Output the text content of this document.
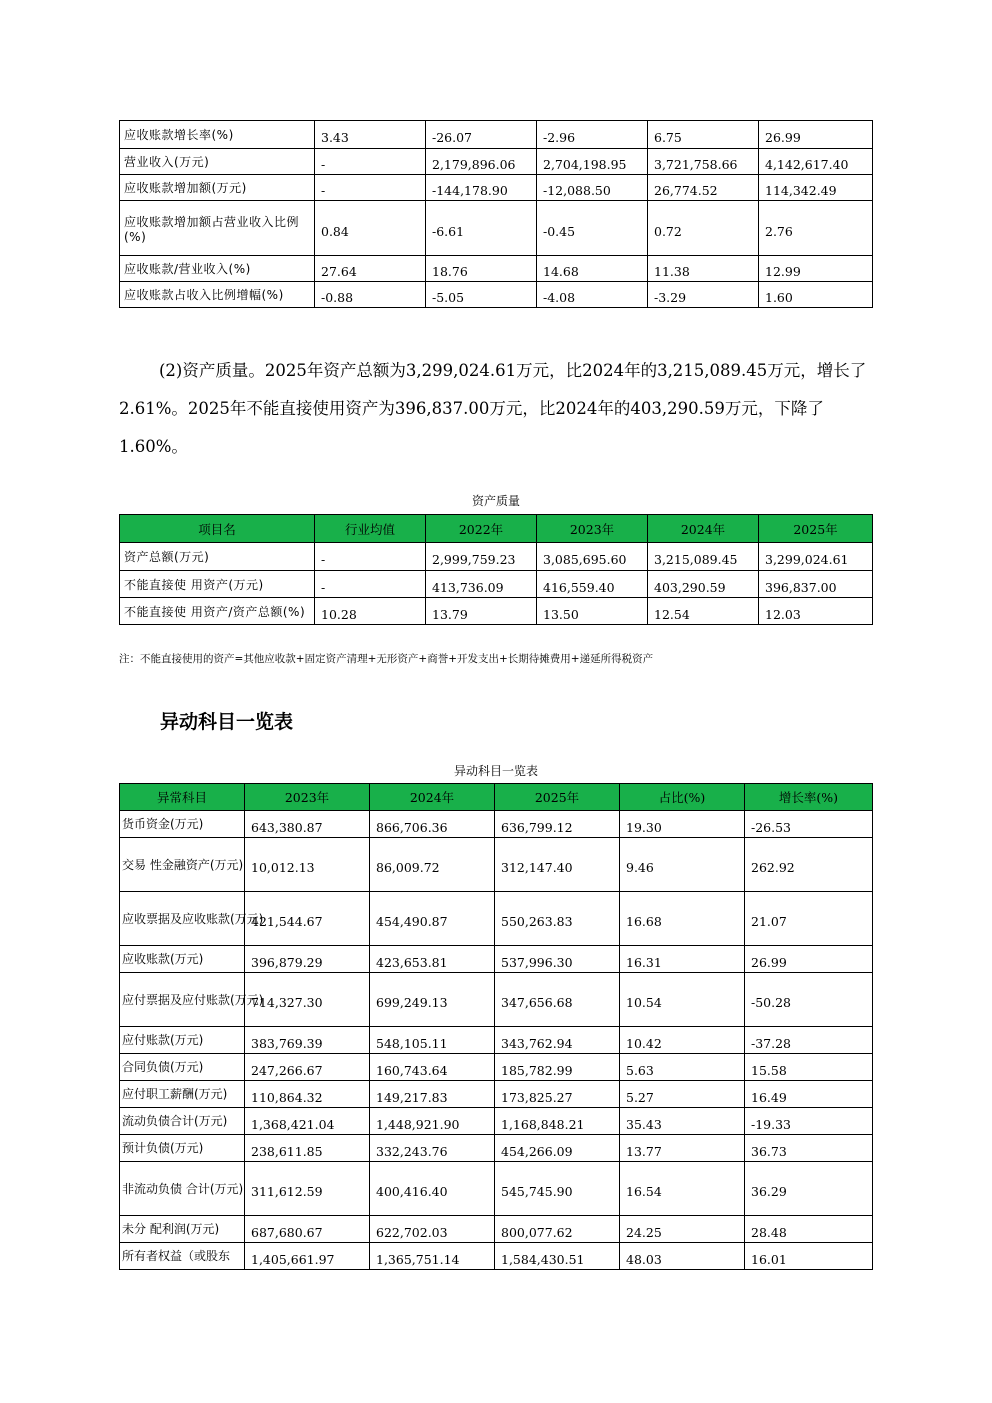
应收账款增长率(%)	3.43	-26.07	-2.96	6.75	26.99
营业收入(万元)	-	2,179,896.06	2,704,198.95	3,721,758.66	4,142,617.40
应收账款增加额(万元)	-	-144,178.90	-12,088.50	26,774.52	114,342.49
应收账款增加额占营业收入比例(%)	0.84	-6.61	-0.45	0.72	2.76
应收账款/营业收入(%)	27.64	18.76	14.68	11.38	12.99
应收账款占收入比例增幅(%)	-0.88	-5.05	-4.08	-3.29	1.60
(2)资产质量。2025年资产总额为3,299,024.61万元，比2024年的3,215,089.45万元，增长了2.61%。2025年不能直接使用资产为396,837.00万元，比2024年的403,290.59万元，下降了1.60%。
资产质量
项目名	行业均值	2022年	2023年	2024年	2025年
资产总额(万元)	-	2,999,759.23	3,085,695.60	3,215,089.45	3,299,024.61
不能直接使 用资产(万元)	-	413,736.09	416,559.40	403,290.59	396,837.00
不能直接使 用资产/资产总额(%)	10.28	13.79	13.50	12.54	12.03
注：不能直接使用的资产=其他应收款+固定资产清理+无形资产+商誉+开发支出+长期待摊费用+递延所得税资产
异动科目一览表
异动科目一览表
异常科目	2023年	2024年	2025年	占比(%)	增长率(%)
货币资金(万元)	643,380.87	866,706.36	636,799.12	19.30	-26.53
交易 性金融资产(万元)	10,012.13	86,009.72	312,147.40	9.46	262.92
应收票据及应收账款(万元)	421,544.67	454,490.87	550,263.83	16.68	21.07
应收账款(万元)	396,879.29	423,653.81	537,996.30	16.31	26.99
应付票据及应付账款(万元)	714,327.30	699,249.13	347,656.68	10.54	-50.28
应付账款(万元)	383,769.39	548,105.11	343,762.94	10.42	-37.28
合同负债(万元)	247,266.67	160,743.64	185,782.99	5.63	15.58
应付职工薪酬(万元)	110,864.32	149,217.83	173,825.27	5.27	16.49
流动负债合计(万元)	1,368,421.04	1,448,921.90	1,168,848.21	35.43	-19.33
预计负债(万元)	238,611.85	332,243.76	454,266.09	13.77	36.73
非流动负债 合计(万元)	311,612.59	400,416.40	545,745.90	16.54	36.29
未分 配利润(万元)	687,680.67	622,702.03	800,077.62	24.25	28.48
所有者权益（或股东	1,405,661.97	1,365,751.14	1,584,430.51	48.03	16.01
